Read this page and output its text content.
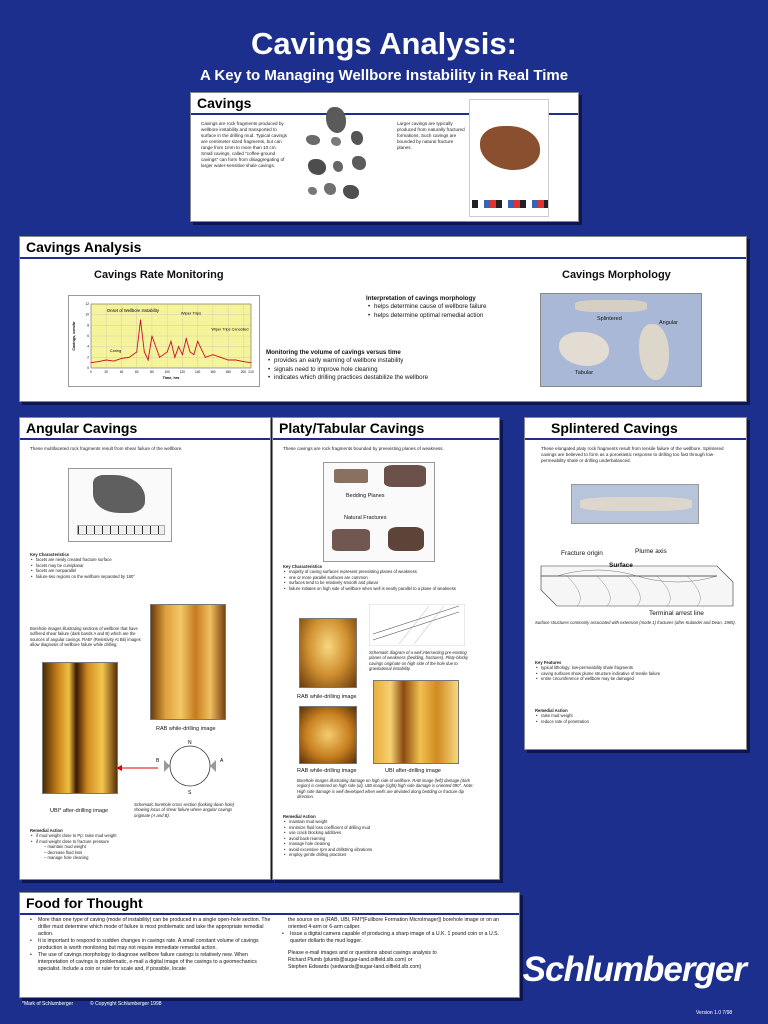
Cavings Analysis:
A Key to Managing Wellbore Instability in Real Time
Cavings
Cavings are rock fragments produced by wellbore instability and transported to surface in the drilling mud. Typical cavings are centimeter sized fragments, but can range from 1mm to more than 10 cm. Small cavings, called "coffee-ground cavings" can form from disaggregating of larger water-sensitive shale cavings.
Larger cavings are typically produced from naturally fractured formations. Such cavings are bounded by natural fracture planes.
Cavings Analysis
Cavings Rate Monitoring	Cavings Morphology
0	20	40	60	80	100	120	140	160	180	200 210
0
2
4
6
8
10
12
Time, hrs
Cavings, ccm/hr
Onset of Wellbore Instability
Wiper Trips
Wiper Trips Cancelled
Coring
Interpretation of cavings morphology
• helps determine cause of wellbore failure
• helps determine optimal remedial action
Monitoring the volume of cavings versus time
• provides an early warning of wellbore instability
• signals need to improve hole cleaning
• indicates which drilling practices destabilize the wellbore
Splintered
Angular
Tabular
Angular Cavings
These multifaceted rock fragments result from shear failure of the wellbore.
Key Characteristics
• facets are newly created fracture surface
• facets may be curviplanar
• facets are nonparallel
• failure-two regions on the wellbore separated by 180°
Borehole images illustrating sections of wellbore that have suffered shear failure (dark bands A and B) which are the sources of angular cavings. RAB* (Resistivity At Bit) images allow diagnosis of wellbore failure while drilling.
RAB while-drilling image
UBI* after-drilling image
N
S
B	A
Schematic borehole cross section (looking down hole) showing locus of shear failure where angular cavings originate (A and B).
Remedial Action
• if mud weight close to Pp: raise mud weight
• if mud weight close to fracture pressure
– maintain mud weight
– decrease fluid loss
– manage hole cleaning
Platy/Tabular Cavings
These cavings are rock fragments bounded by preexisting planes of weakness.
Bedding Planes
Natural Fractures
Key Characteristics
• majority of caving surfaces represent preexisting planes of weakness
• one or more parallel surfaces are common
• surfaces tend to be relatively smooth and planar
• failure initiates on high side of wellbore when well is nearly parallel to a plane of weakness
RAB while-drilling image
Schematic diagram of a well intersecting pre-existing planes of weakness (bedding, fractures). Platy-blocky cavings originate on high side of the hole due to gravitational instability.
RAB while-drilling image	UBI after-drilling image
Borehole images illustrating damage on high side of wellbore. RAB image (left) damage (dark region) is centered on high side (ul). UBI image (right) high side damage is oriented 090°. Note: High side damage is well developed when wells are deviated along bedding or fracture dip direction.
Remedial Action
• maintain mud weight
• minimize fluid loss coefficient of drilling mud
• use crack blocking additives
• avoid back reaming
• manage hole cleaning
• avoid excessive rpm and drillstring vibrations
• employ gentle drilling practices
Splintered Cavings
These elongated platy rock fragments result from tensile failure of the wellbore. Splintered cavings are believed to form as a poroelastic response to drilling too fast through low-permeability shale or drilling underbalanced.
Fracture origin	Plume axis
Surface
Terminal arrest line
Surface structures commonly associated with extension (mode 1) fractures (after Kulander and Dean, 1985).
Key Features
• typical lithology: low-permeability shale fragments
• caving surfaces show plume structure indicative of tensile failure
• entire circumference of wellbore may be damaged
Remedial Action
• raise mud weight
• reduce rate of penetration
Food for Thought
• More than one type of caving (mode of instability) can be produced in a single open-hole section. The driller must determine which mode of failure is most problematic and take the appropriate remedial action.
• It is important to respond to sudden changes in cavings rate. A small constant volume of cavings production is worth monitoring but may not require immediate remedial action.
• The use of cavings morphology to diagnose wellbore failure cavings is relatively new. When interpretation of cavings is problematic, e-mail a digital image of the cavings to a geomechanics specialist. Include a coin or ruler for scale and, if possible, locate
the source on a (RAB, UBI, FMI*[Fullbore Formation MicroImager]) borehole image or on an oriented 4-arm or 6-arm caliper.
• Issue a digital camera capable of producing a sharp image of a U.K. 1 pound coin or a U.S. quarter dollarto the mud logger.
Please e-mail images and or questions about cavings analysis to
Richard Plumb (plumb@sugar-land.oilfield.slb.com) or
Stephen Edwards (sedwards@sugar-land.oilfield.slb.com)	Schlumberger
*Mark of Schlumberger	© Copyright Schlumberger 1998
Version 1.0 7/98
